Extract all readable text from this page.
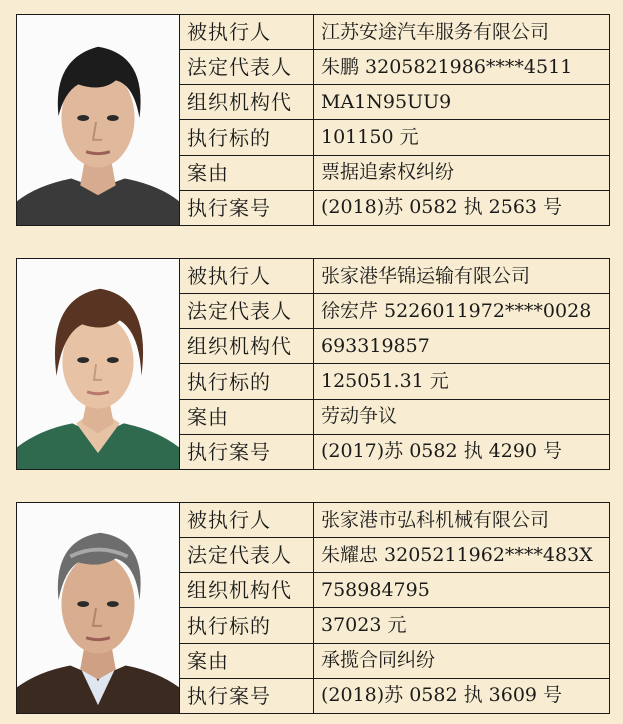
被执行人	江苏安途汽车服务有限公司
法定代表人	朱鹏 3205821986****4511
组织机构代	MA1N95UU9
执行标的	101150 元
案由	票据追索权纠纷
执行案号	(2018)苏 0582 执 2563 号
被执行人	张家港华锦运输有限公司
法定代表人	徐宏芹 5226011972****0028
组织机构代	693319857
执行标的	125051.31 元
案由	劳动争议
执行案号	(2017)苏 0582 执 4290 号
被执行人	张家港市弘科机械有限公司
法定代表人	朱耀忠 3205211962****483X
组织机构代	758984795
执行标的	37023 元
案由	承揽合同纠纷
执行案号	(2018)苏 0582 执 3609 号
